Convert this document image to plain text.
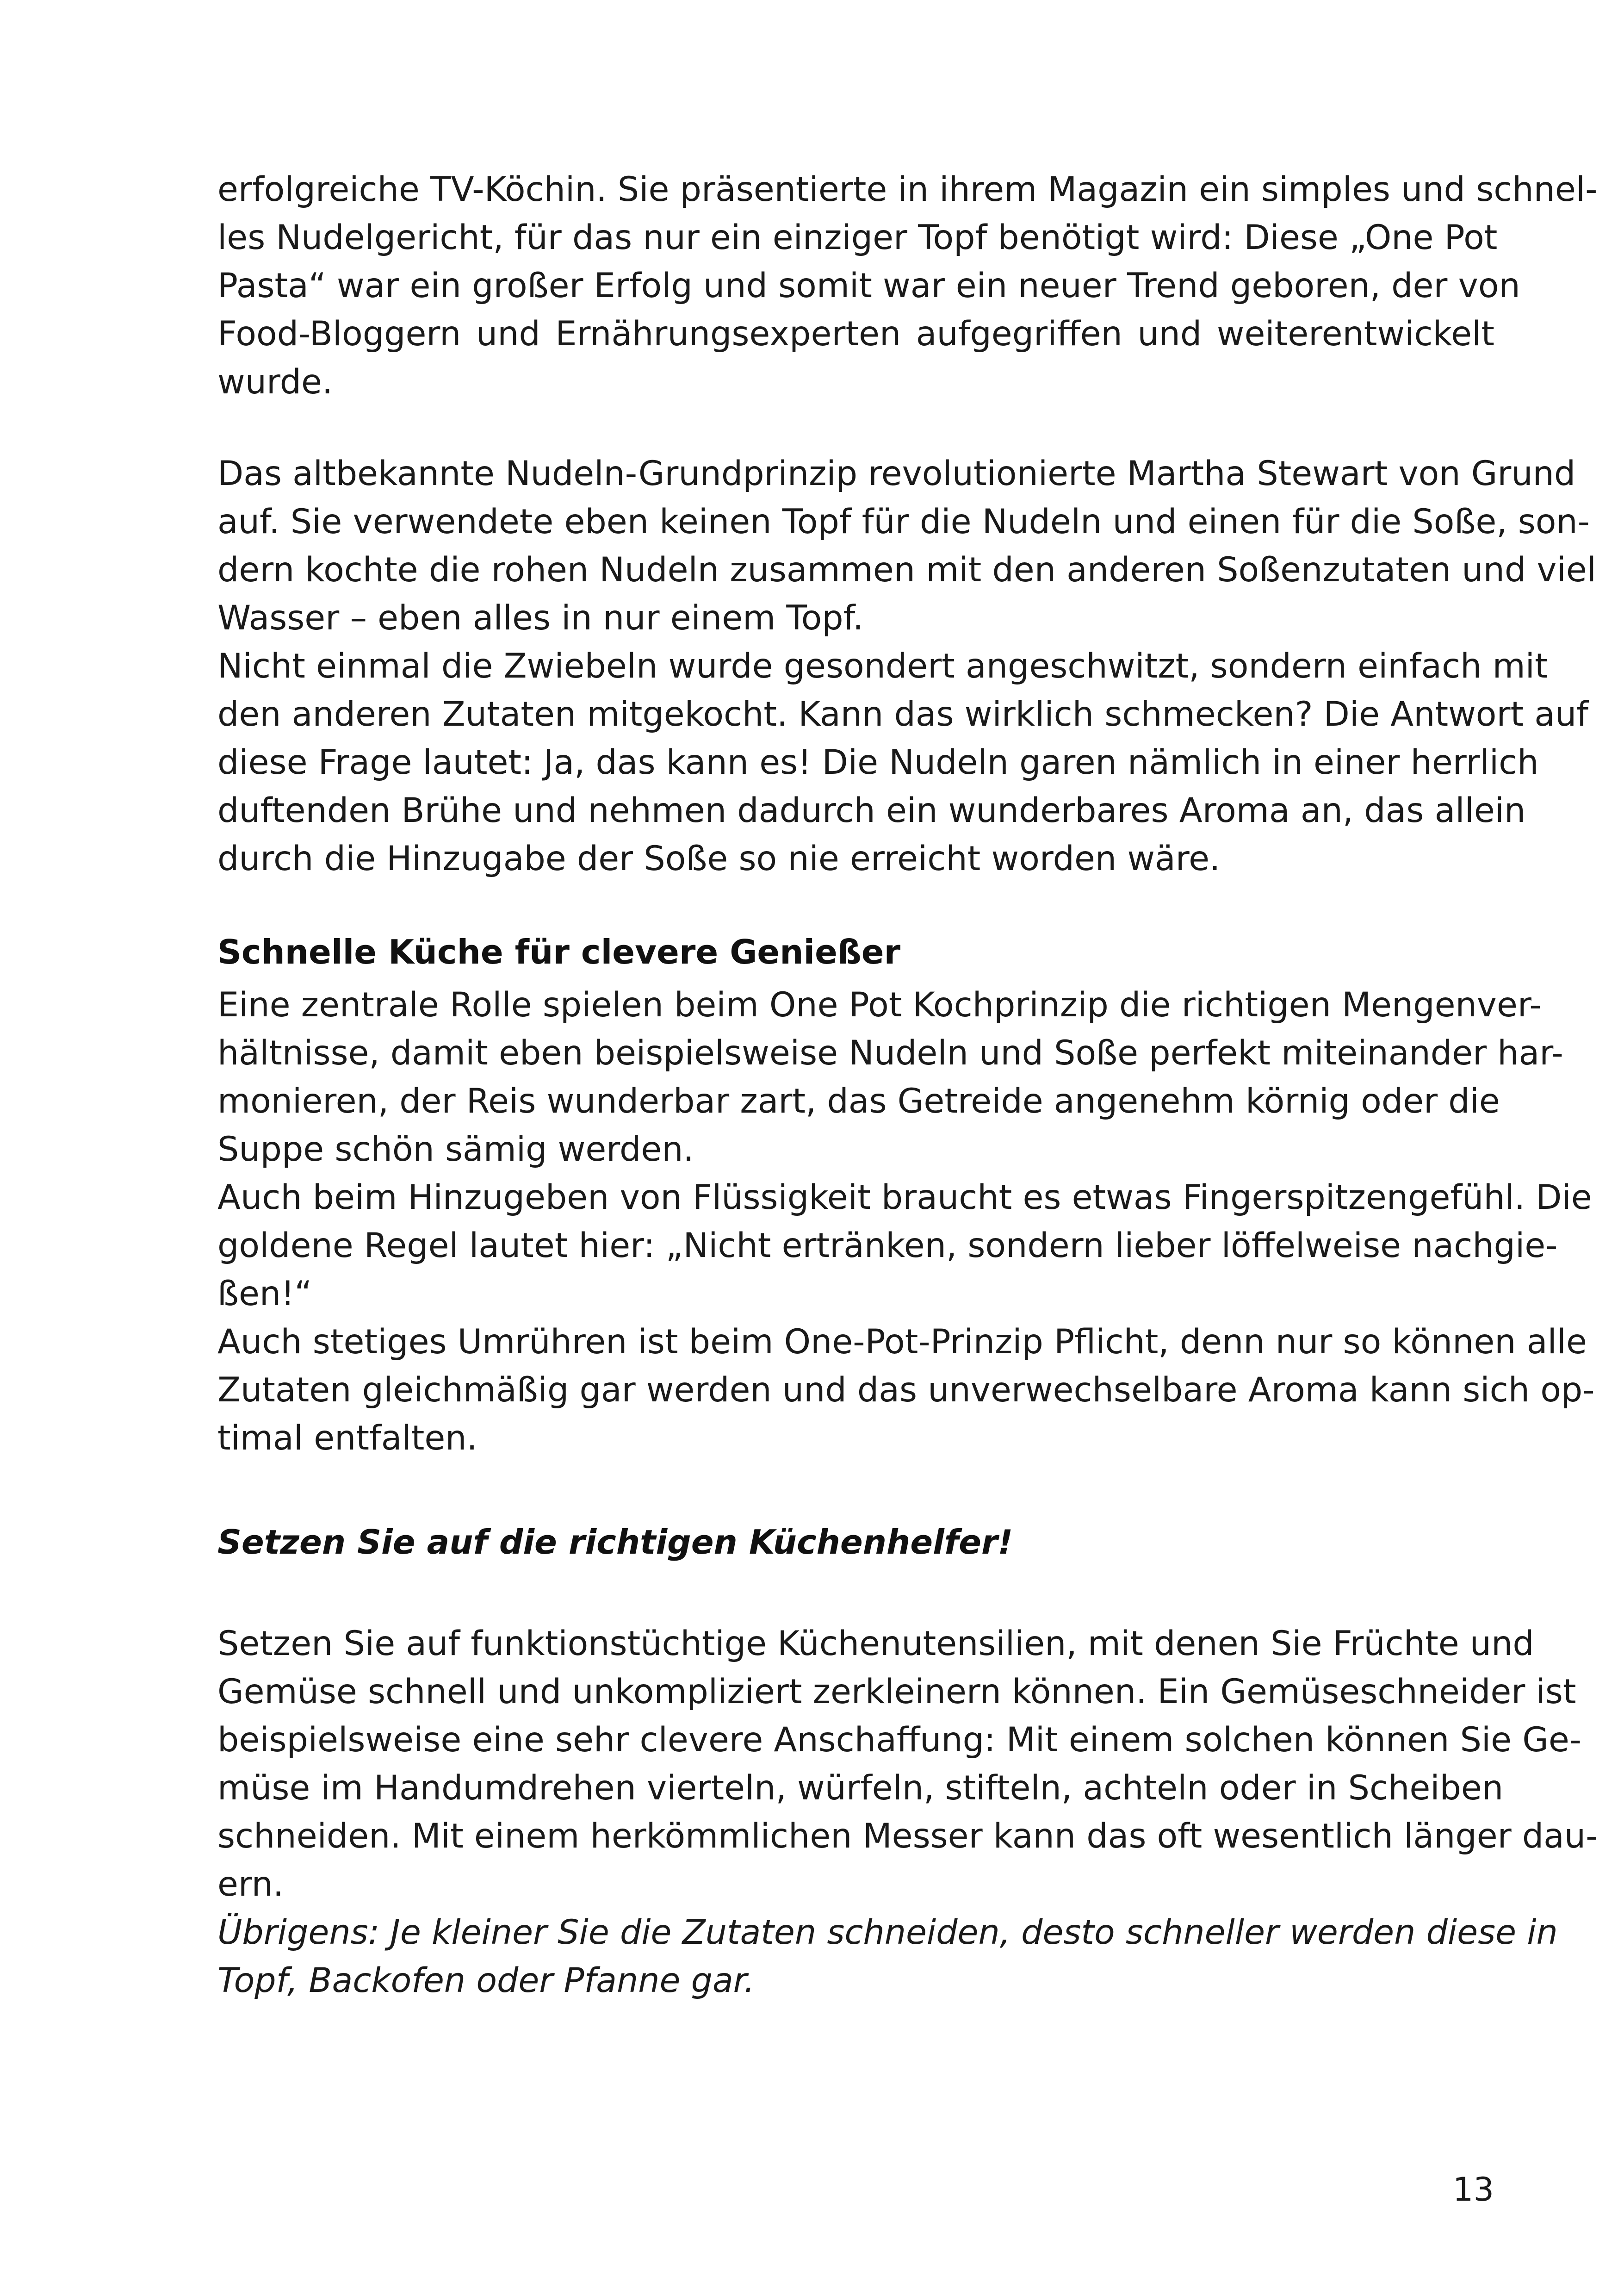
erfolgreiche TV-Köchin. Sie präsentierte in ihrem Magazin ein simples und schnel-
les Nudelgericht, für das nur ein einziger Topf benötigt wird: Diese „One Pot
Pasta“ war ein großer Erfolg und somit war ein neuer Trend geboren, der von
Food-Bloggern und Ernährungsexperten aufgegriffen und weiterentwickelt
wurde.
Das altbekannte Nudeln-Grundprinzip revolutionierte Martha Stewart von Grund
auf. Sie verwendete eben keinen Topf für die Nudeln und einen für die Soße, son-
dern kochte die rohen Nudeln zusammen mit den anderen Soßenzutaten und viel
Wasser – eben alles in nur einem Topf.
Nicht einmal die Zwiebeln wurde gesondert angeschwitzt, sondern einfach mit
den anderen Zutaten mitgekocht. Kann das wirklich schmecken? Die Antwort auf
diese Frage lautet: Ja, das kann es! Die Nudeln garen nämlich in einer herrlich
duftenden Brühe und nehmen dadurch ein wunderbares Aroma an, das allein
durch die Hinzugabe der Soße so nie erreicht worden wäre.
Schnelle Küche für clevere Genießer
Eine zentrale Rolle spielen beim One Pot Kochprinzip die richtigen Mengenver-
hältnisse, damit eben beispielsweise Nudeln und Soße perfekt miteinander har-
monieren, der Reis wunderbar zart, das Getreide angenehm körnig oder die
Suppe schön sämig werden.
Auch beim Hinzugeben von Flüssigkeit braucht es etwas Fingerspitzengefühl. Die
goldene Regel lautet hier: „Nicht ertränken, sondern lieber löffelweise nachgie-
ßen!“
Auch stetiges Umrühren ist beim One-Pot-Prinzip Pflicht, denn nur so können alle
Zutaten gleichmäßig gar werden und das unverwechselbare Aroma kann sich op-
timal entfalten.
Setzen Sie auf die richtigen Küchenhelfer!
Setzen Sie auf funktionstüchtige Küchenutensilien, mit denen Sie Früchte und
Gemüse schnell und unkompliziert zerkleinern können. Ein Gemüseschneider ist
beispielsweise eine sehr clevere Anschaffung: Mit einem solchen können Sie Ge-
müse im Handumdrehen vierteln, würfeln, stifteln, achteln oder in Scheiben
schneiden. Mit einem herkömmlichen Messer kann das oft wesentlich länger dau-
ern.
Übrigens: Je kleiner Sie die Zutaten schneiden, desto schneller werden diese in
Topf, Backofen oder Pfanne gar.
13
